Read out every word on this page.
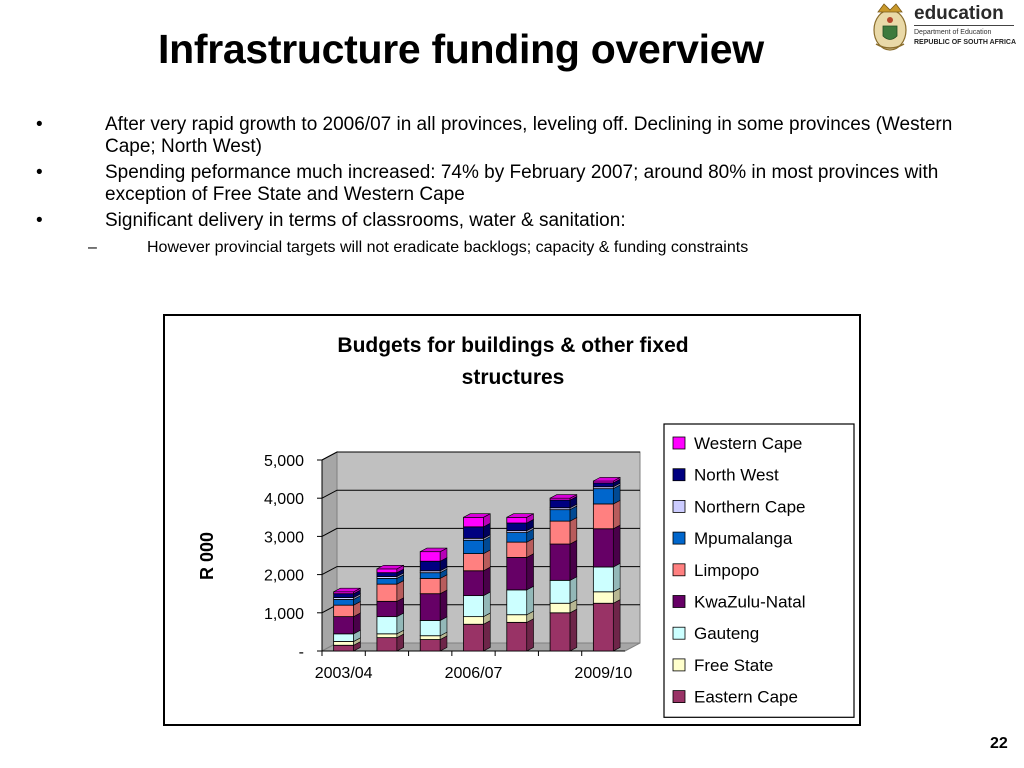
Infrastructure funding overview
education
Department of Education
REPUBLIC OF SOUTH AFRICA
•	After very rapid growth to 2006/07 in all provinces, leveling off. Declining in some provinces (Western Cape; North West)
•	Spending peformance much increased: 74% by February 2007; around 80% in most provinces with exception of Free State and Western Cape
•	Significant delivery in terms of classrooms, water & sanitation:
–	However provincial targets will not eradicate backlogs; capacity & funding constraints
Budgets for buildings & other fixed
structures
-
1,000
2,000
3,000
4,000
5,000
R 000
2003/04	2006/07	2009/10
Western Cape
North West
Northern Cape
Mpumalanga
Limpopo
KwaZulu-Natal
Gauteng
Free State
Eastern Cape
22
